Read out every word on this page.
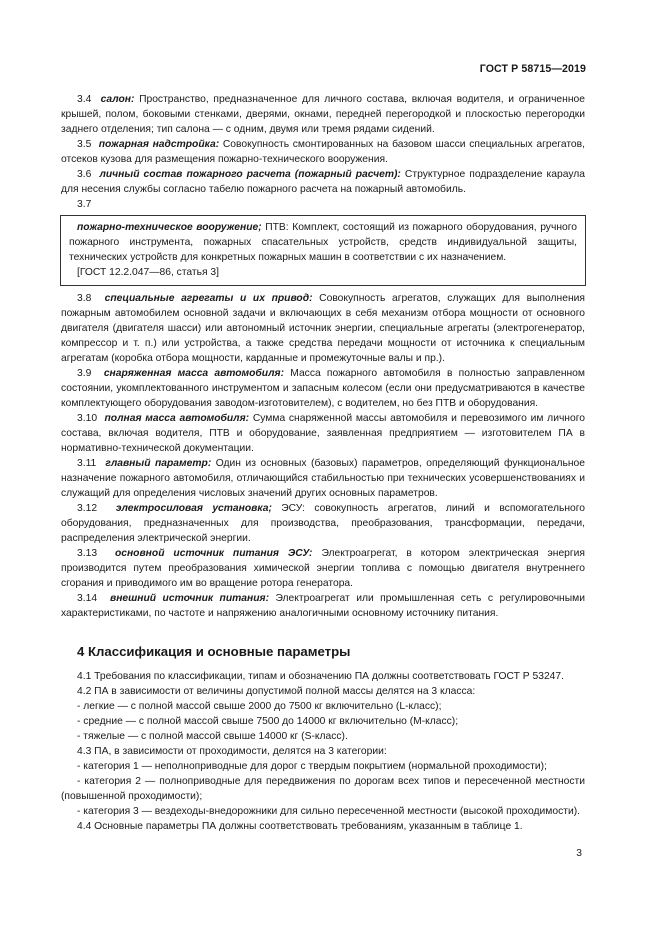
ГОСТ Р 58715—2019

3.4 салон: Пространство, предназначенное для личного состава, включая водителя, и ограниченное крышей, полом, боковыми стенками, дверями, окнами, передней перегородкой и плоскостью перегородки заднего отделения; тип салона — с одним, двумя или тремя рядами сидений.

3.5 пожарная надстройка: Совокупность смонтированных на базовом шасси специальных агрегатов, отсеков кузова для размещения пожарно-технического вооружения.

3.6 личный состав пожарного расчета (пожарный расчет): Структурное подразделение караула для несения службы согласно табелю пожарного расчета на пожарный автомобиль.

3.7

пожарно-техническое вооружение; ПТВ: Комплект, состоящий из пожарного оборудования, ручного пожарного инструмента, пожарных спасательных устройств, средств индивидуальной защиты, технических устройств для конкретных пожарных машин в соответствии с их назначением.

[ГОСТ 12.2.047—86, статья 3]

3.8 специальные агрегаты и их привод: Совокупность агрегатов, служащих для выполнения пожарным автомобилем основной задачи и включающих в себя механизм отбора мощности от основного двигателя (двигателя шасси) или автономный источник энергии, специальные агрегаты (электрогенератор, компрессор и т. п.) или устройства, а также средства передачи мощности от источника к специальным агрегатам (коробка отбора мощности, карданные и промежуточные валы и пр.).

3.9 снаряженная масса автомобиля: Масса пожарного автомобиля в полностью заправленном состоянии, укомплектованного инструментом и запасным колесом (если они предусматриваются в качестве комплектующего оборудования заводом-изготовителем), с водителем, но без ПТВ и оборудования.

3.10 полная масса автомобиля: Сумма снаряженной массы автомобиля и перевозимого им личного состава, включая водителя, ПТВ и оборудование, заявленная предприятием — изготовителем ПА в нормативно-технической документации.

3.11 главный параметр: Один из основных (базовых) параметров, определяющий функциональное назначение пожарного автомобиля, отличающийся стабильностью при технических усовершенствованиях и служащий для определения числовых значений других основных параметров.

3.12 электросиловая установка; ЭСУ: совокупность агрегатов, линий и вспомогательного оборудования, предназначенных для производства, преобразования, трансформации, передачи, распределения электрической энергии.

3.13 основной источник питания ЭСУ: Электроагрегат, в котором электрическая энергия производится путем преобразования химической энергии топлива с помощью двигателя внутреннего сгорания и приводимого им во вращение ротора генератора.

3.14 внешний источник питания: Электроагрегат или промышленная сеть с регулировочными характеристиками, по частоте и напряжению аналогичными основному источнику питания.

4 Классификация и основные параметры

4.1 Требования по классификации, типам и обозначению ПА должны соответствовать ГОСТ Р 53247.

4.2 ПА в зависимости от величины допустимой полной массы делятся на 3 класса:

- легкие — с полной массой свыше 2000 до 7500 кг включительно (L-класс);

- средние — с полной массой свыше 7500 до 14000 кг включительно (М-класс);

- тяжелые — с полной массой свыше 14000 кг (S-класс).

4.3 ПА, в зависимости от проходимости, делятся на 3 категории:

- категория 1 — неполноприводные для дорог с твердым покрытием (нормальной проходимости);

- категория 2 — полноприводные для передвижения по дорогам всех типов и пересеченной местности (повышенной проходимости);

- категория 3 — вездеходы-внедорожники для сильно пересеченной местности (высокой проходимости).

4.4 Основные параметры ПА должны соответствовать требованиям, указанным в таблице 1.

3
